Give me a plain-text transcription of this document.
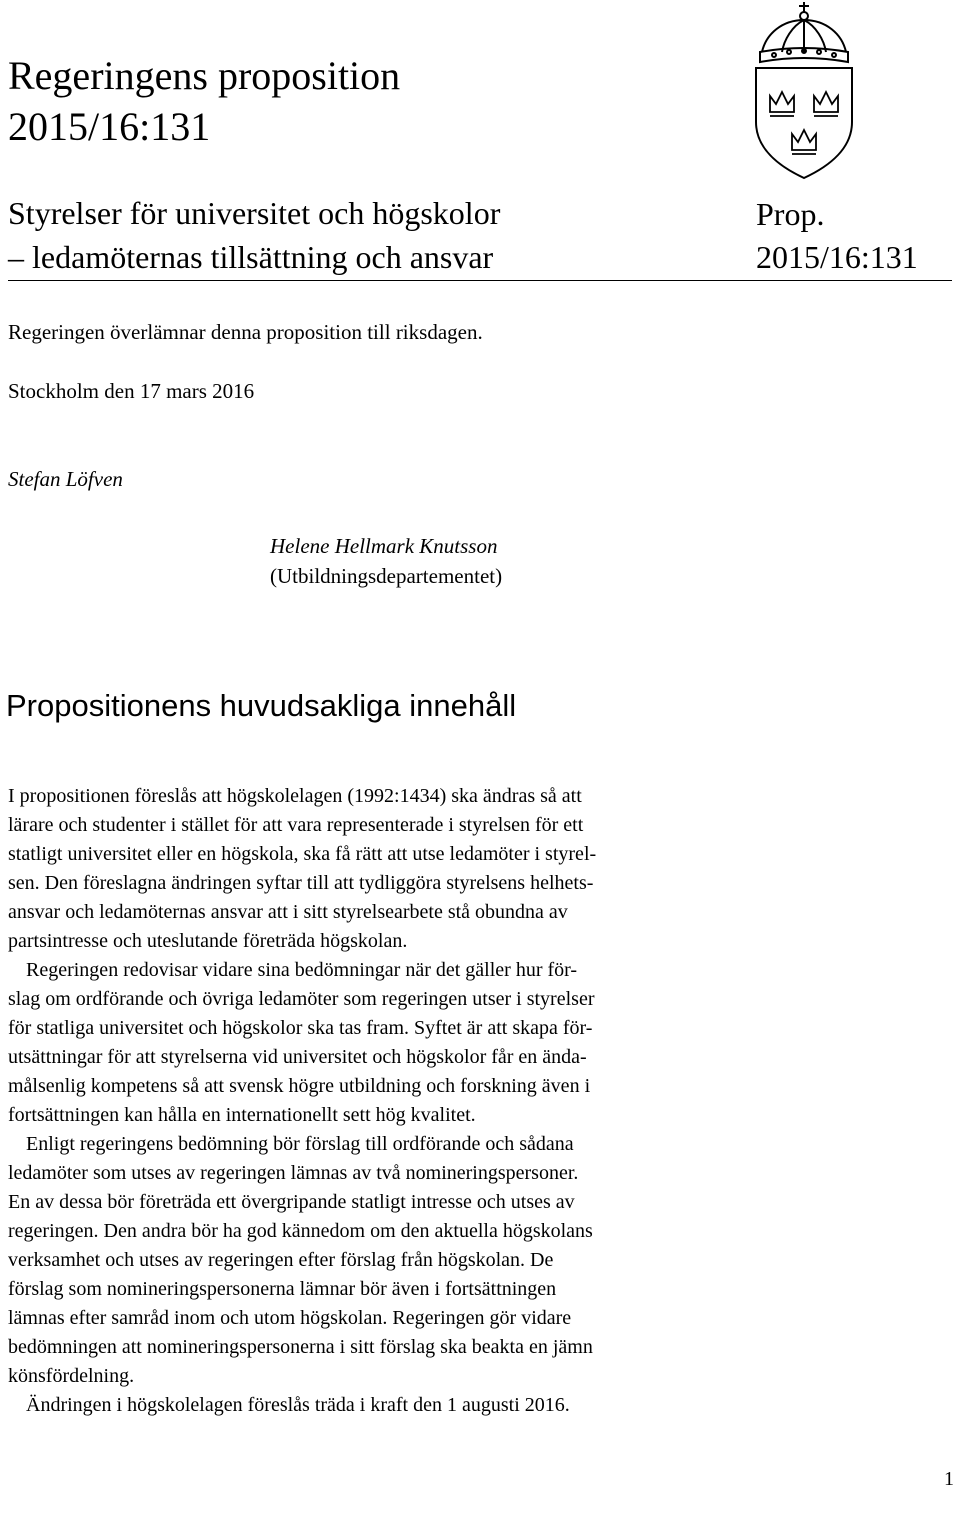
Regeringens proposition
2015/16:131
Styrelser för universitet och högskolor
– ledamöternas tillsättning och ansvar
Prop.
2015/16:131
Regeringen överlämnar denna proposition till riksdagen.
Stockholm den 17 mars 2016
Stefan Löfven
Helene Hellmark Knutsson
(Utbildningsdepartementet)
Propositionens huvudsakliga innehåll

I propositionen föreslås att högskolelagen (1992:1434) ska ändras så att
lärare och studenter i stället för att vara representerade i styrelsen för ett
statligt universitet eller en högskola, ska få rätt att utse ledamöter i styrel-
sen. Den föreslagna ändringen syftar till att tydliggöra styrelsens helhets-
ansvar och ledamöternas ansvar att i sitt styrelsearbete stå obundna av
partsintresse och uteslutande företräda högskolan.

Regeringen redovisar vidare sina bedömningar när det gäller hur för-
slag om ordförande och övriga ledamöter som regeringen utser i styrelser
för statliga universitet och högskolor ska tas fram. Syftet är att skapa för-
utsättningar för att styrelserna vid universitet och högskolor får en ända-
målsenlig kompetens så att svensk högre utbildning och forskning även i
fortsättningen kan hålla en internationellt sett hög kvalitet.

Enligt regeringens bedömning bör förslag till ordförande och sådana
ledamöter som utses av regeringen lämnas av två nomineringspersoner.
En av dessa bör företräda ett övergripande statligt intresse och utses av
regeringen. Den andra bör ha god kännedom om den aktuella högskolans
verksamhet och utses av regeringen efter förslag från högskolan. De
förslag som nomineringspersonerna lämnar bör även i fortsättningen
lämnas efter samråd inom och utom högskolan. Regeringen gör vidare
bedömningen att nomineringspersonerna i sitt förslag ska beakta en jämn
könsfördelning.

Ändringen i högskolelagen föreslås träda i kraft den 1 augusti 2016.

1
